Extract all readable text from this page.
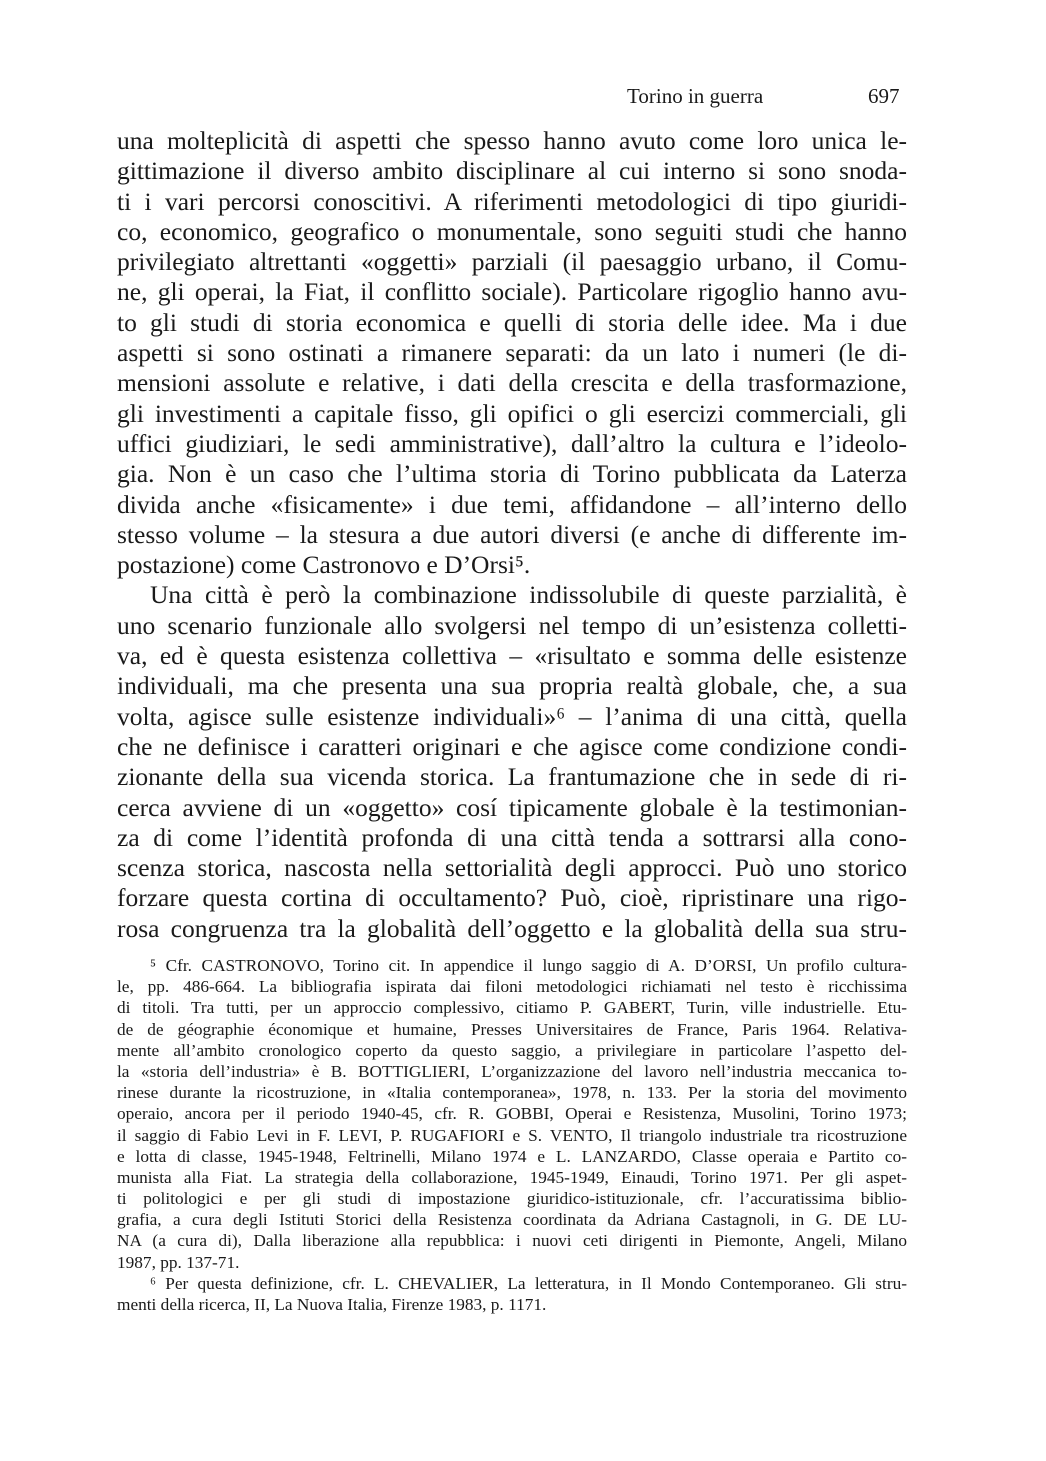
Torino in guerra	697
una molteplicità di aspetti che spesso hanno avuto come loro unica le-
gittimazione il diverso ambito disciplinare al cui interno si sono snoda-
ti i vari percorsi conoscitivi. A riferimenti metodologici di tipo giuridi-
co, economico, geografico o monumentale, sono seguiti studi che hanno
privilegiato altrettanti «oggetti» parziali (il paesaggio urbano, il Comu-
ne, gli operai, la Fiat, il conflitto sociale). Particolare rigoglio hanno avu-
to gli studi di storia economica e quelli di storia delle idee. Ma i due
aspetti si sono ostinati a rimanere separati: da un lato i numeri (le di-
mensioni assolute e relative, i dati della crescita e della trasformazione,
gli investimenti a capitale fisso, gli opifici o gli esercizi commerciali, gli
uffici giudiziari, le sedi amministrative), dall’altro la cultura e l’ideolo-
gia. Non è un caso che l’ultima storia di Torino pubblicata da Laterza
divida anche «fisicamente» i due temi, affidandone – all’interno dello
stesso volume – la stesura a due autori diversi (e anche di differente im-
postazione) come Castronovo e D’Orsi⁵.
Una città è però la combinazione indissolubile di queste parzialità, è
uno scenario funzionale allo svolgersi nel tempo di un’esistenza colletti-
va, ed è questa esistenza collettiva – «risultato e somma delle esistenze
individuali, ma che presenta una sua propria realtà globale, che, a sua
volta, agisce sulle esistenze individuali»⁶ – l’anima di una città, quella
che ne definisce i caratteri originari e che agisce come condizione condi-
zionante della sua vicenda storica. La frantumazione che in sede di ri-
cerca avviene di un «oggetto» cosí tipicamente globale è la testimonian-
za di come l’identità profonda di una città tenda a sottrarsi alla cono-
scenza storica, nascosta nella settorialità degli approcci. Può uno storico
forzare questa cortina di occultamento? Può, cioè, ripristinare una rigo-
rosa congruenza tra la globalità dell’oggetto e la globalità della sua stru-
⁵ Cfr. CASTRONOVO, Torino cit. In appendice il lungo saggio di A. D’ORSI, Un profilo cultura-
le, pp. 486-664. La bibliografia ispirata dai filoni metodologici richiamati nel testo è ricchissima
di titoli. Tra tutti, per un approccio complessivo, citiamo P. GABERT, Turin, ville industrielle. Etu-
de de géographie économique et humaine, Presses Universitaires de France, Paris 1964. Relativa-
mente all’ambito cronologico coperto da questo saggio, a privilegiare in particolare l’aspetto del-
la «storia dell’industria» è B. BOTTIGLIERI, L’organizzazione del lavoro nell’industria meccanica to-
rinese durante la ricostruzione, in «Italia contemporanea», 1978, n. 133. Per la storia del movimento
operaio, ancora per il periodo 1940-45, cfr. R. GOBBI, Operai e Resistenza, Musolini, Torino 1973;
il saggio di Fabio Levi in F. LEVI, P. RUGAFIORI e S. VENTO, Il triangolo industriale tra ricostruzione
e lotta di classe, 1945-1948, Feltrinelli, Milano 1974 e L. LANZARDO, Classe operaia e Partito co-
munista alla Fiat. La strategia della collaborazione, 1945-1949, Einaudi, Torino 1971. Per gli aspet-
ti politologici e per gli studi di impostazione giuridico-istituzionale, cfr. l’accuratissima biblio-
grafia, a cura degli Istituti Storici della Resistenza coordinata da Adriana Castagnoli, in G. DE LU-
NA (a cura di), Dalla liberazione alla repubblica: i nuovi ceti dirigenti in Piemonte, Angeli, Milano
1987, pp. 137-71.
⁶ Per questa definizione, cfr. L. CHEVALIER, La letteratura, in Il Mondo Contemporaneo. Gli stru-
menti della ricerca, II, La Nuova Italia, Firenze 1983, p. 1171.
